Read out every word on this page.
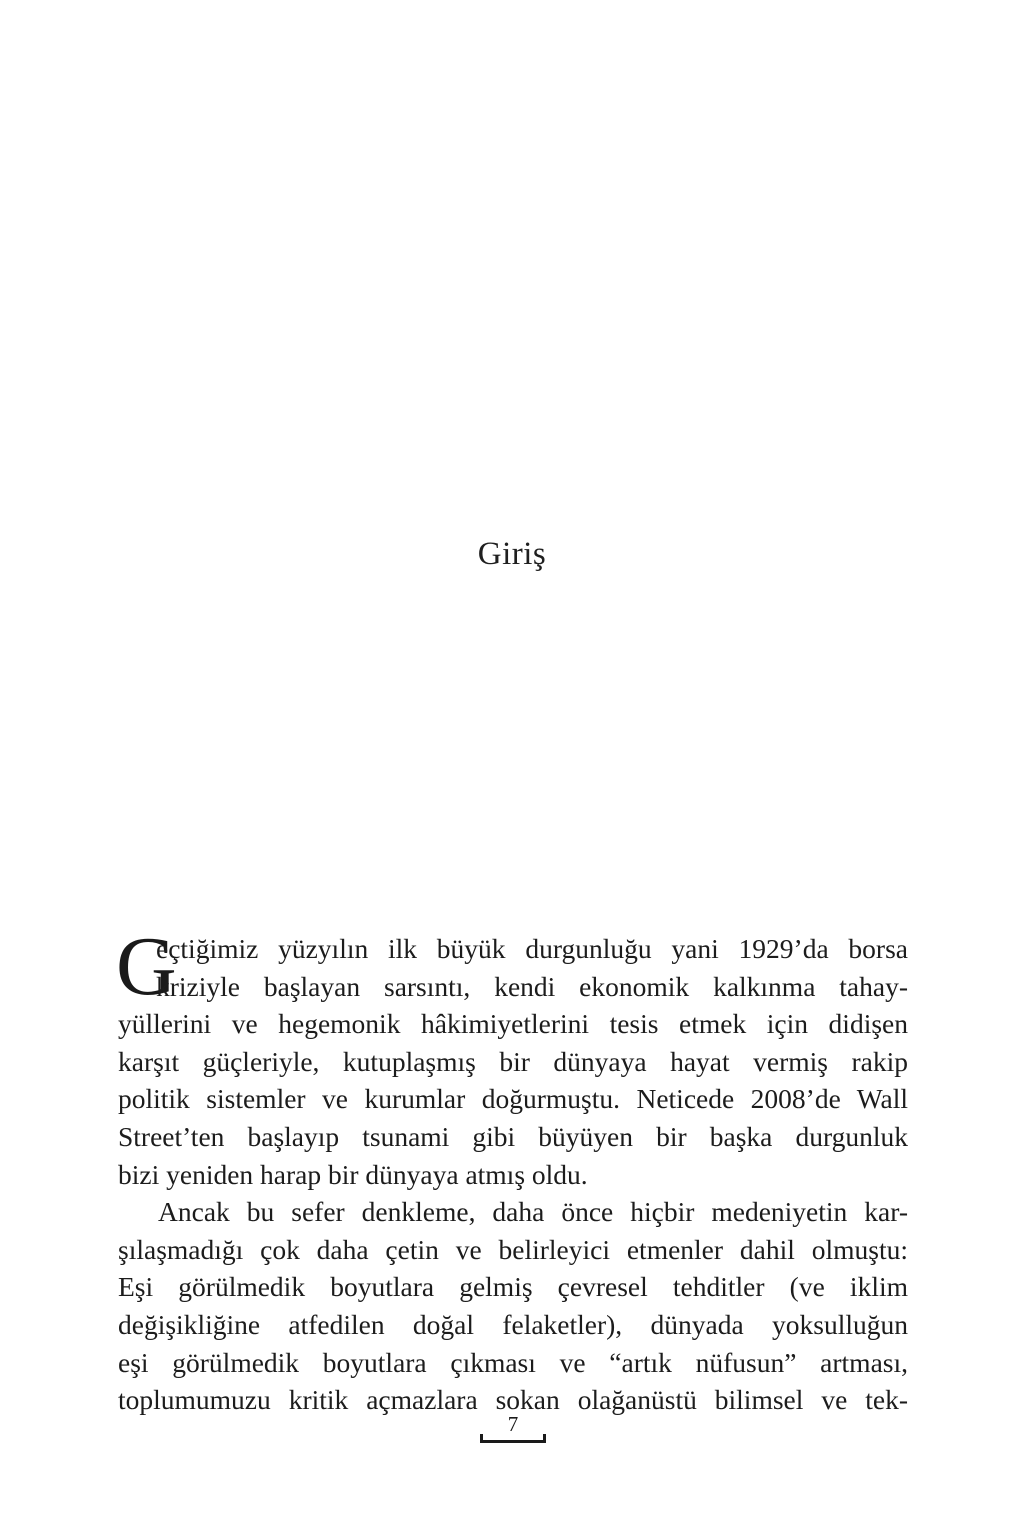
Giriş
G
eçtiğimiz yüzyılın ilk büyük durgunluğu yani 1929’da borsa
kriziyle başlayan sarsıntı, kendi ekonomik kalkınma tahay-
yüllerini ve hegemonik hâkimiyetlerini tesis etmek için didişen
karşıt güçleriyle, kutuplaşmış bir dünyaya hayat vermiş rakip
politik sistemler ve kurumlar doğurmuştu. Neticede 2008’de Wall
Street’ten başlayıp tsunami gibi büyüyen bir başka durgunluk
bizi yeniden harap bir dünyaya atmış oldu.
Ancak bu sefer denkleme, daha önce hiçbir medeniyetin kar-
şılaşmadığı çok daha çetin ve belirleyici etmenler dahil olmuştu:
Eşi görülmedik boyutlara gelmiş çevresel tehditler (ve iklim
değişikliğine atfedilen doğal felaketler), dünyada yoksulluğun
eşi görülmedik boyutlara çıkması ve “artık nüfusun” artması,
toplumumuzu kritik açmazlara sokan olağanüstü bilimsel ve tek-
7
